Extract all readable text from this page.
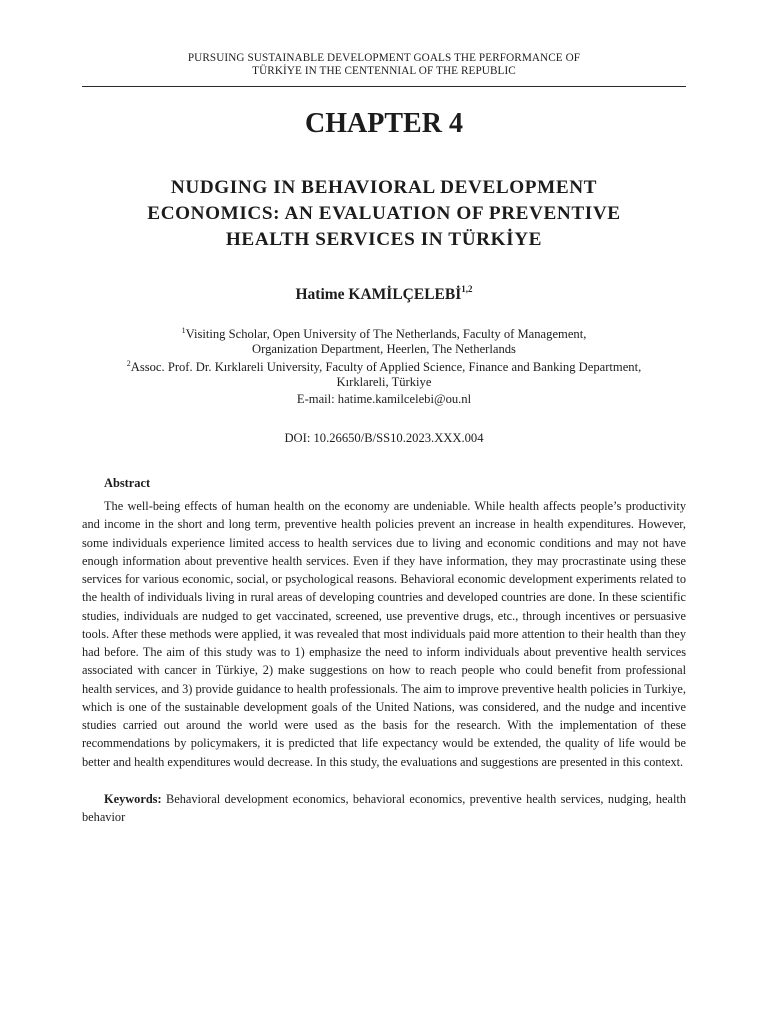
PURSUING SUSTAINABLE DEVELOPMENT GOALS THE PERFORMANCE OF
TÜRKİYE IN THE CENTENNIAL OF THE REPUBLIC
CHAPTER 4
NUDGING IN BEHAVIORAL DEVELOPMENT
ECONOMICS: AN EVALUATION OF PREVENTIVE
HEALTH SERVICES IN TÜRKİYE
Hatime KAMİLÇELEBİ$^{1,2}$
$^1$Visiting Scholar, Open University of The Netherlands, Faculty of Management,
Organization Department, Heerlen, The Netherlands
$^2$Assoc. Prof. Dr. Kırklareli University, Faculty of Applied Science, Finance and Banking Department,
Kırklareli, Türkiye
E-mail: hatime.kamilcelebi@ou.nl
DOI: 10.26650/B/SS10.2023.XXX.004
Abstract

The well-being effects of human health on the economy are undeniable. While health affects people’s productivity and income in the short and long term, preventive health policies prevent an increase in health expenditures. However, some individuals experience limited access to health services due to living and economic conditions and may not have enough information about preventive health services. Even if they have information, they may procrastinate using these services for various economic, social, or psychological reasons. Behavioral economic development experiments related to the health of individuals living in rural areas of developing countries and developed countries are done. In these scientific studies, individuals are nudged to get vaccinated, screened, use preventive drugs, etc., through incentives or persuasive tools. After these methods were applied, it was revealed that most individuals paid more attention to their health than they had before. The aim of this study was to 1) emphasize the need to inform individuals about preventive health services associated with cancer in Türkiye, 2) make suggestions on how to reach people who could benefit from professional health services, and 3) provide guidance to health professionals. The aim to improve preventive health policies in Turkiye, which is one of the sustainable development goals of the United Nations, was considered, and the nudge and incentive studies carried out around the world were used as the basis for the research. With the implementation of these recommendations by policymakers, it is predicted that life expectancy would be extended, the quality of life would be better and health expenditures would decrease. In this study, the evaluations and suggestions are presented in this context.

Keywords: Behavioral development economics, behavioral economics, preventive health services, nudging, health behavior
